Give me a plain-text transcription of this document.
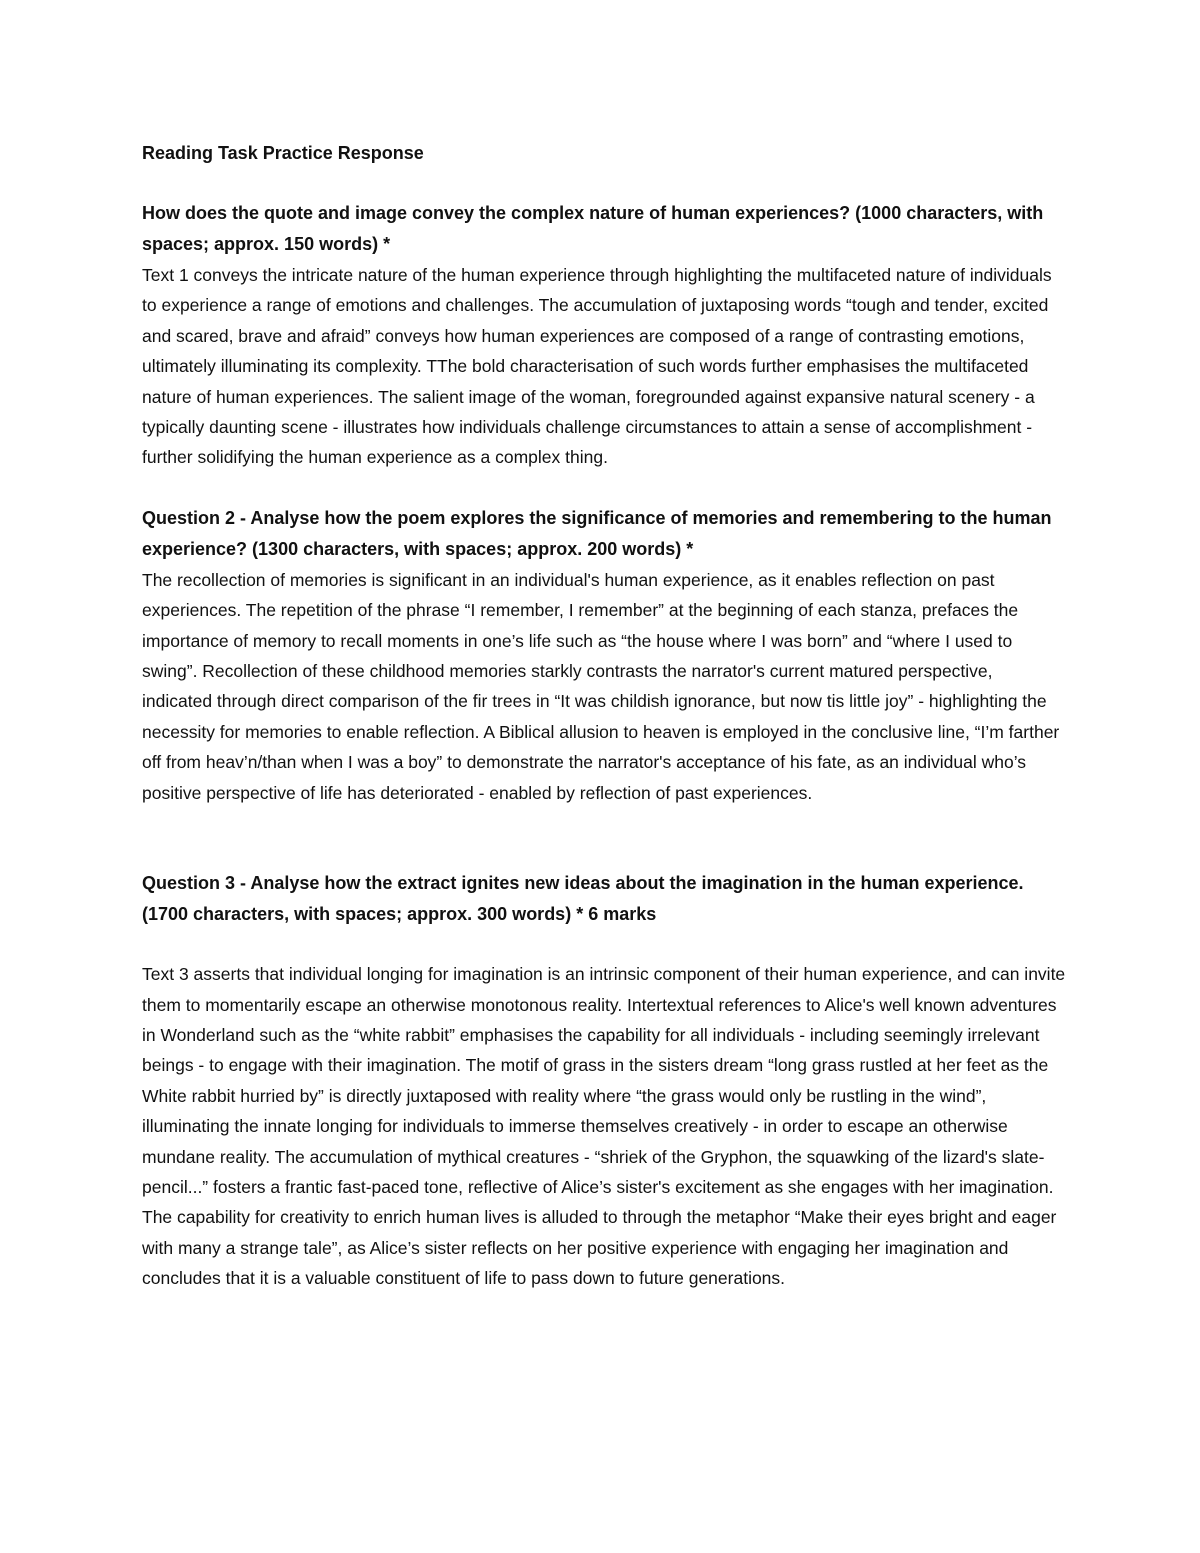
Reading Task Practice Response

How does the quote and image convey the complex nature of human experiences? (1000 characters, with spaces; approx. 150 words) *

Text 1 conveys the intricate nature of the human experience through highlighting the multifaceted nature of individuals to experience a range of emotions and challenges. The accumulation of juxtaposing words “tough and tender, excited and scared, brave and afraid” conveys how human experiences are composed of a range of contrasting emotions, ultimately illuminating its complexity. TThe bold characterisation of such words further emphasises the multifaceted nature of human experiences. The salient image of the woman, foregrounded against expansive natural scenery - a typically daunting scene - illustrates how individuals challenge circumstances to attain a sense of accomplishment - further solidifying the human experience as a complex thing.

Question 2 - Analyse how the poem explores the significance of memories and remembering to the human experience? (1300 characters, with spaces; approx. 200 words) *

The recollection of memories is significant in an individual's human experience, as it enables reflection on past experiences. The repetition of the phrase “I remember, I remember” at the beginning of each stanza, prefaces the importance of memory to recall moments in one’s life such as “the house where I was born” and “where I used to swing”. Recollection of these childhood memories starkly contrasts the narrator's current matured perspective, indicated through direct comparison of the fir trees in “It was childish ignorance, but now tis little joy” - highlighting the necessity for memories to enable reflection. A Biblical allusion to heaven is employed in the conclusive line, “I’m farther off from heav’n/than when I was a boy” to demonstrate the narrator's acceptance of his fate, as an individual who’s positive perspective of life has deteriorated - enabled by reflection of past experiences.

Question 3 - Analyse how the extract ignites new ideas about the imagination in the human experience. (1700 characters, with spaces; approx. 300 words) * 6 marks

Text 3 asserts that individual longing for imagination is an intrinsic component of their human experience, and can invite them to momentarily escape an otherwise monotonous reality. Intertextual references to Alice's well known adventures in Wonderland such as the “white rabbit” emphasises the capability for all individuals - including seemingly irrelevant beings - to engage with their imagination. The motif of grass in the sisters dream “long grass rustled at her feet as the White rabbit hurried by” is directly juxtaposed with reality where “the grass would only be rustling in the wind”, illuminating the innate longing for individuals to immerse themselves creatively - in order to escape an otherwise mundane reality. The accumulation of mythical creatures - “shriek of the Gryphon, the squawking of the lizard's slate-pencil...” fosters a frantic fast-paced tone, reflective of Alice’s sister's excitement as she engages with her imagination. The capability for creativity to enrich human lives is alluded to through the metaphor “Make their eyes bright and eager with many a strange tale”, as Alice’s sister reflects on her positive experience with engaging her imagination and concludes that it is a valuable constituent of life to pass down to future generations.
